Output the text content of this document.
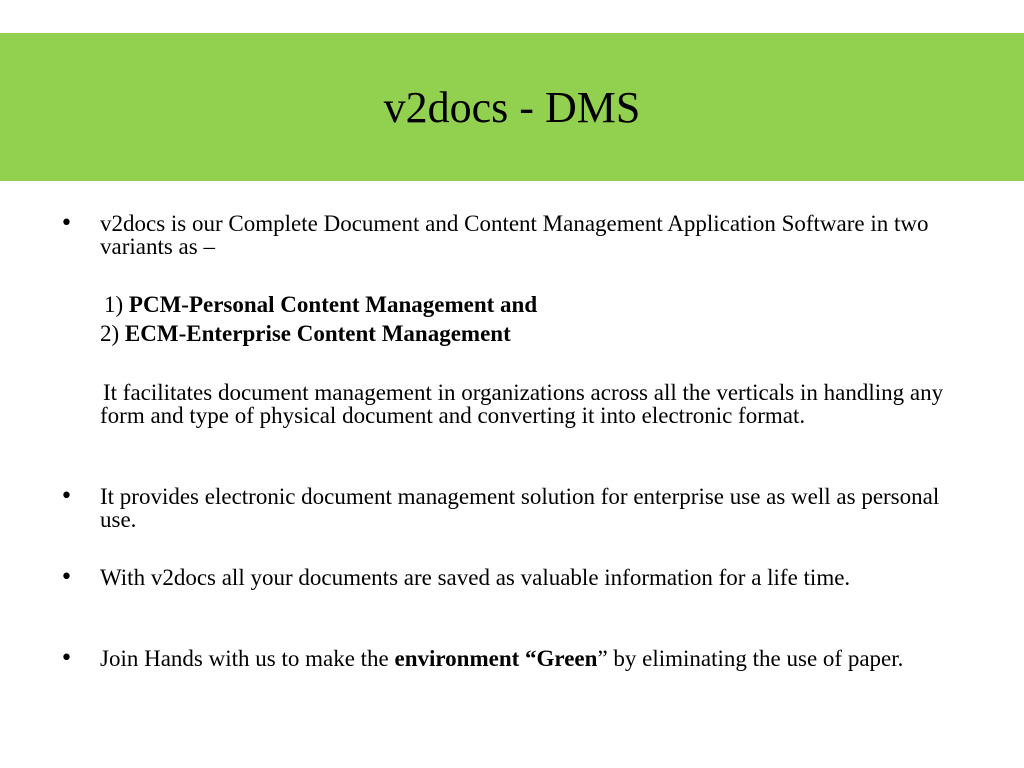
v2docs - DMS
• v2docs is our Complete Document and Content Management Application Software in two variants as –
1) PCM-Personal Content Management and
2) ECM-Enterprise Content Management
It facilitates document management in organizations across all the verticals in handling any form and type of physical document and converting it into electronic format.
• It provides electronic document management solution for enterprise use as well as personal use.
• With v2docs all your documents are saved as valuable information for a life time.
• Join Hands with us to make the environment “Green” by eliminating the use of paper.
